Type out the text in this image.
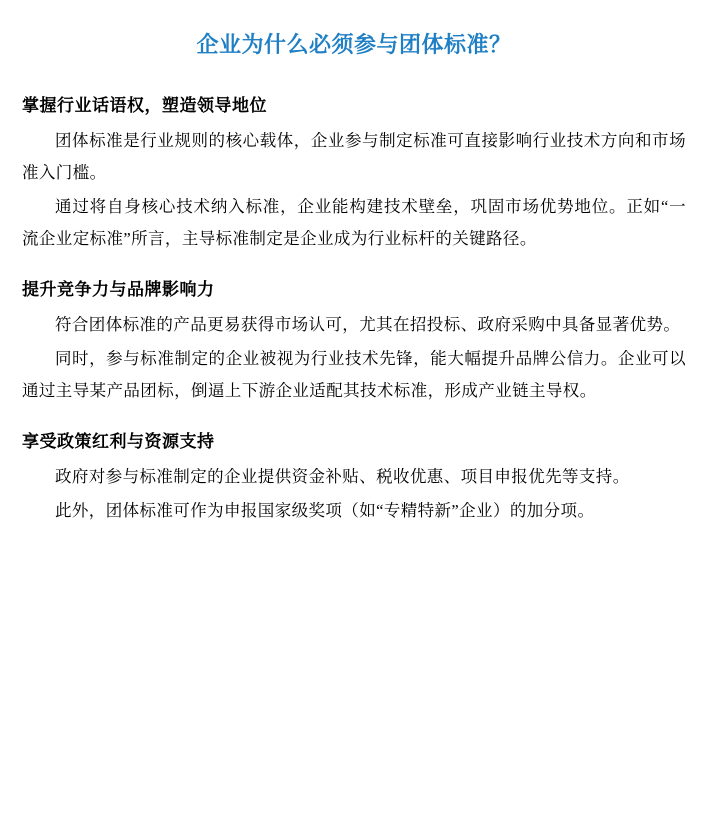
企业为什么必须参与团体标准？
掌握行业话语权，塑造领导地位

团体标准是行业规则的核心载体，企业参与制定标准可直接影响行业技术方向和市场准入门槛。

通过将自身核心技术纳入标准，企业能构建技术壁垒，巩固市场优势地位。正如“一流企业定标准”所言，主导标准制定是企业成为行业标杆的关键路径。

提升竞争力与品牌影响力

符合团体标准的产品更易获得市场认可，尤其在招投标、政府采购中具备显著优势。

同时，参与标准制定的企业被视为行业技术先锋，能大幅提升品牌公信力。企业可以通过主导某产品团标，倒逼上下游企业适配其技术标准，形成产业链主导权。

享受政策红利与资源支持

政府对参与标准制定的企业提供资金补贴、税收优惠、项目申报优先等支持。

此外，团体标准可作为申报国家级奖项（如“专精特新”企业）的加分项。
